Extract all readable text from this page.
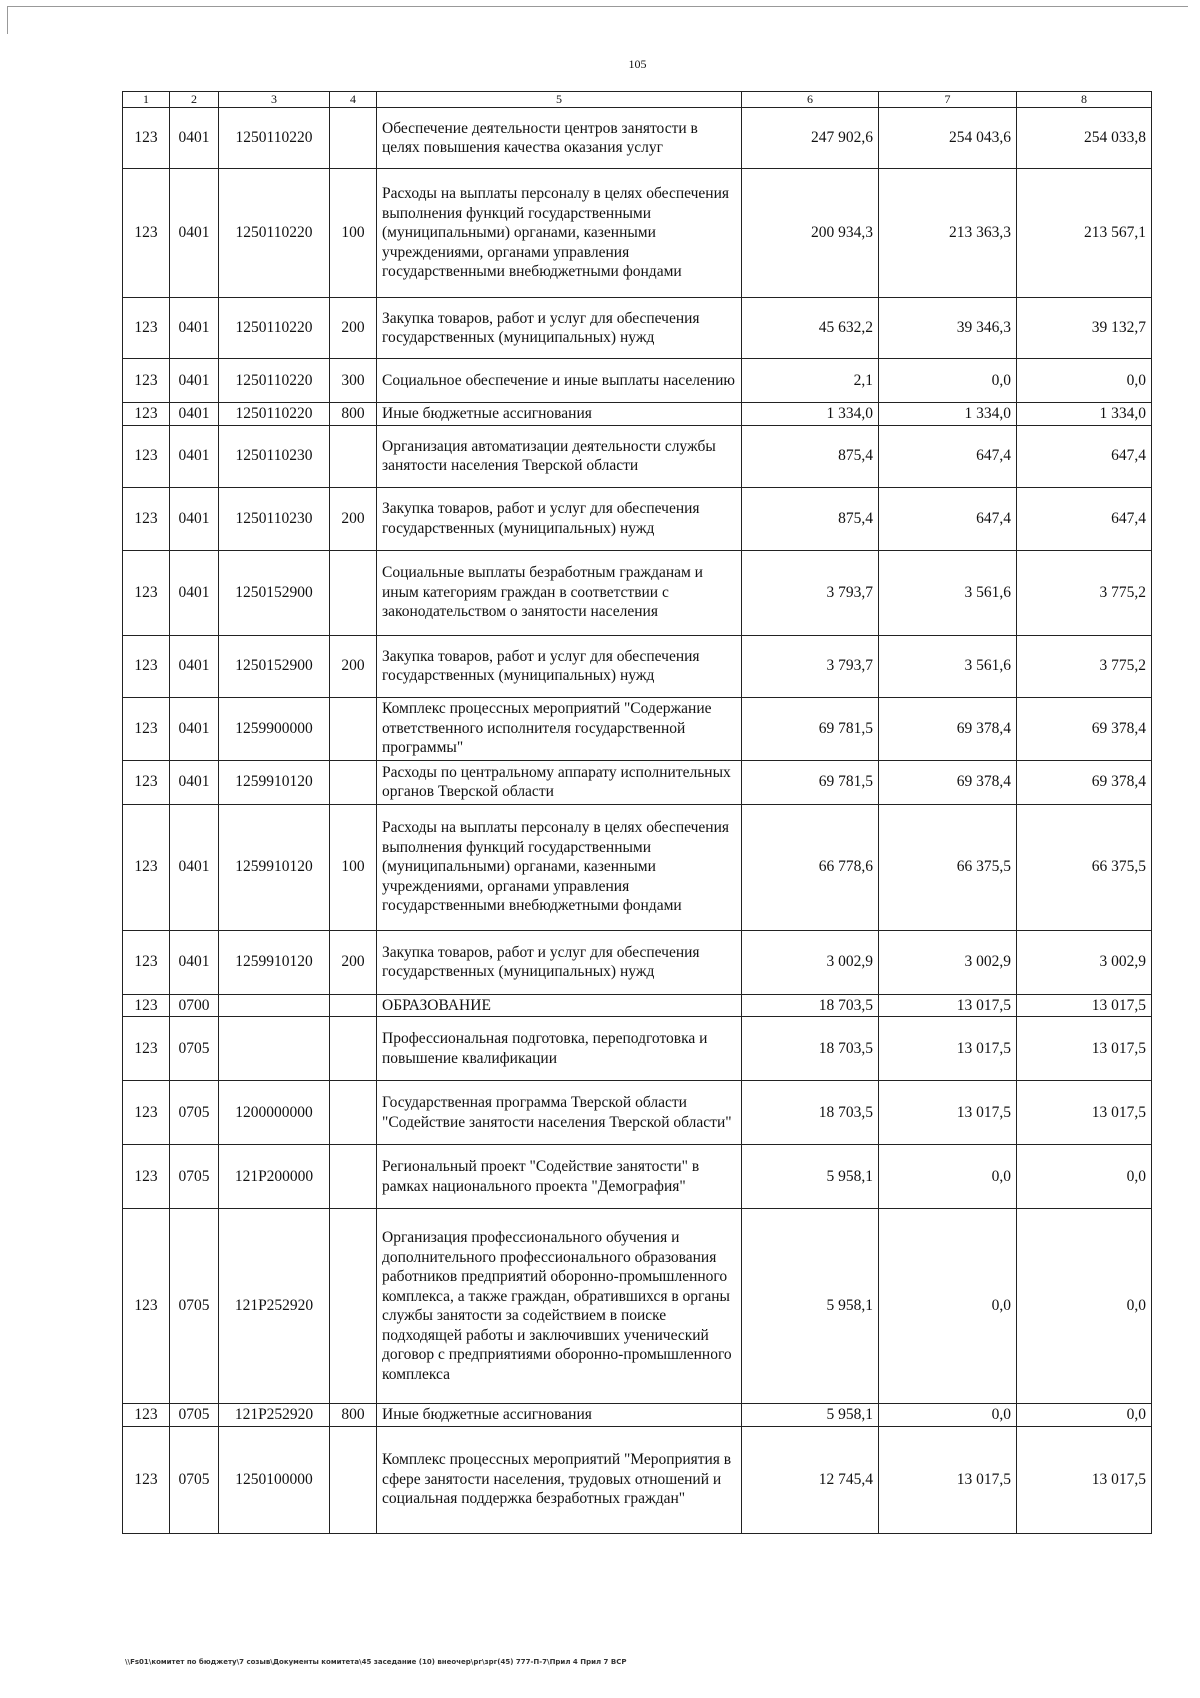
105
1	2	3	4	5	6	7	8
123	0401	1250110220		Обеспечение деятельности центров занятости в целях повышения качества оказания услуг	247 902,6	254 043,6	254 033,8
123	0401	1250110220	100	Расходы на выплаты персоналу в целях обеспечения выполнения функций государственными (муниципальными) органами, казенными учреждениями, органами управления государственными внебюджетными фондами	200 934,3	213 363,3	213 567,1
123	0401	1250110220	200	Закупка товаров, работ и услуг для обеспечения государственных (муниципальных) нужд	45 632,2	39 346,3	39 132,7
123	0401	1250110220	300	Социальное обеспечение и иные выплаты населению	2,1	0,0	0,0
123	0401	1250110220	800	Иные бюджетные ассигнования	1 334,0	1 334,0	1 334,0
123	0401	1250110230		Организация автоматизации деятельности службы занятости населения Тверской области	875,4	647,4	647,4
123	0401	1250110230	200	Закупка товаров, работ и услуг для обеспечения государственных (муниципальных) нужд	875,4	647,4	647,4
123	0401	1250152900		Социальные выплаты безработным гражданам и иным категориям граждан в соответствии с законодательством о занятости населения	3 793,7	3 561,6	3 775,2
123	0401	1250152900	200	Закупка товаров, работ и услуг для обеспечения государственных (муниципальных) нужд	3 793,7	3 561,6	3 775,2
123	0401	1259900000		Комплекс процессных мероприятий "Содержание ответственного исполнителя государственной программы"	69 781,5	69 378,4	69 378,4
123	0401	1259910120		Расходы по центральному аппарату исполнительных органов Тверской области	69 781,5	69 378,4	69 378,4
123	0401	1259910120	100	Расходы на выплаты персоналу в целях обеспечения выполнения функций государственными (муниципальными) органами, казенными учреждениями, органами управления государственными внебюджетными фондами	66 778,6	66 375,5	66 375,5
123	0401	1259910120	200	Закупка товаров, работ и услуг для обеспечения государственных (муниципальных) нужд	3 002,9	3 002,9	3 002,9
123	0700			ОБРАЗОВАНИЕ	18 703,5	13 017,5	13 017,5
123	0705			Профессиональная подготовка, переподготовка и повышение квалификации	18 703,5	13 017,5	13 017,5
123	0705	1200000000		Государственная программа Тверской области "Содействие занятости населения Тверской области"	18 703,5	13 017,5	13 017,5
123	0705	121P200000		Региональный проект "Содействие занятости" в рамках национального проекта "Демография"	5 958,1	0,0	0,0
123	0705	121P252920		Организация профессионального обучения и дополнительного профессионального образования работников предприятий оборонно-промышленного комплекса, а также граждан, обратившихся в органы службы занятости за содействием в поиске подходящей работы и заключивших ученический договор с предприятиями оборонно-промышленного комплекса	5 958,1	0,0	0,0
123	0705	121P252920	800	Иные бюджетные ассигнования	5 958,1	0,0	0,0
123	0705	1250100000		Комплекс процессных мероприятий "Мероприятия в сфере занятости населения, трудовых отношений и социальная поддержка безработных граждан"	12 745,4	13 017,5	13 017,5
\\Fs01\комитет по бюджету\7 созыв\Документы комитета\45 заседание (10) внеочер\рг\зрг(45) 777-П-7\Прил 4 Прил 7 ВСР
